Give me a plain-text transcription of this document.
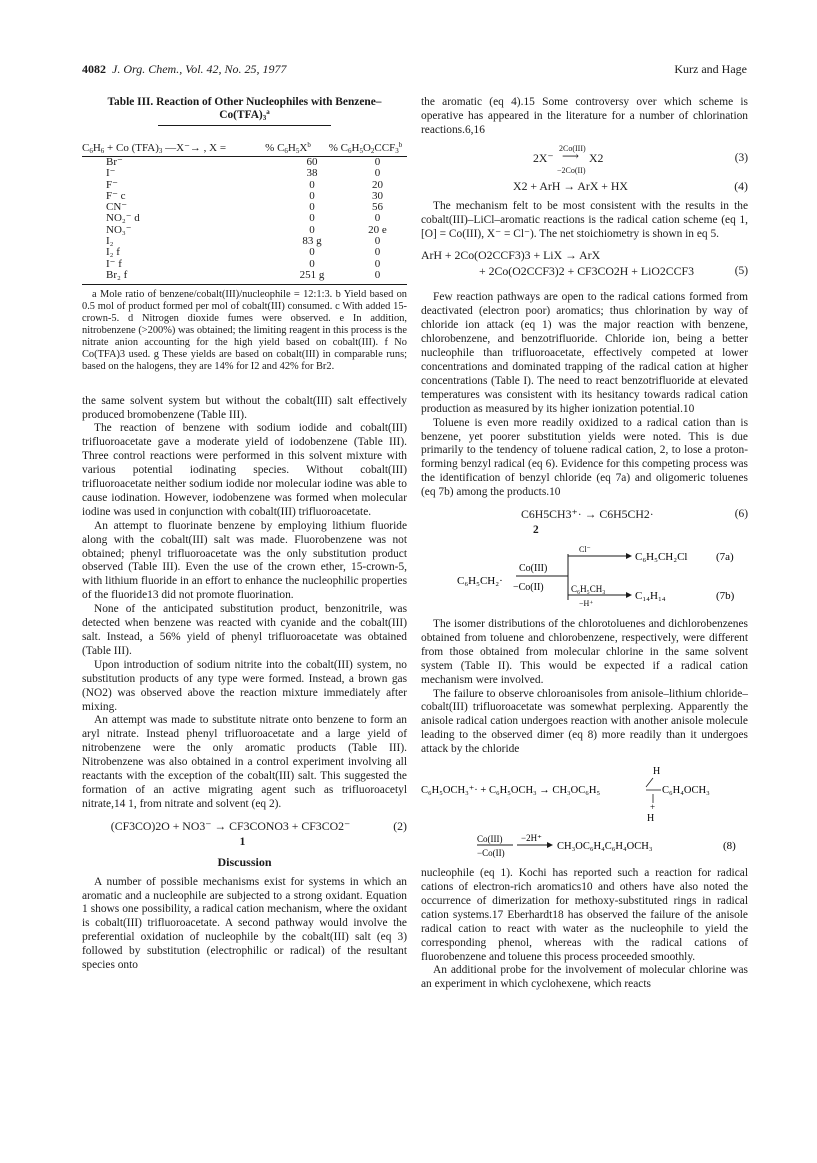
4082 J. Org. Chem., Vol. 42, No. 25, 1977	Kurz and Hage
Table III. Reaction of Other Nucleophiles with Benzene–
$Co(TFA)_3^a$
$C_6H_6 + Co$ $(TFA)_3$ —X⁻→ , X =	% $C_6H_5X^b$	% $C_6H_5O_2CCF_3^b$
Br⁻	60	0
I⁻	38	0
F⁻	0	20
F⁻ c	0	30
CN⁻	0	56
NO₂⁻ d	0	0
NO₃⁻	0	20 e
I₂	83 g	0
I₂ f	0	0
I⁻ f	0	0
Br₂ f	251 g	0

a Mole ratio of benzene/cobalt(III)/nucleophile = 12:1:3. b Yield based on 0.5 mol of product formed per mol of cobalt(III) consumed. c With added 15-crown-5. d Nitrogen dioxide fumes were observed. e In addition, nitrobenzene (>200%) was obtained; the limiting reagent in this process is the nitrate anion accounting for the high yield based on cobalt(III). f No Co(TFA)3 used. g These yields are based on cobalt(III) in comparable runs; based on the halogens, they are 14% for I2 and 42% for Br2.

the same solvent system but without the cobalt(III) salt effectively produced bromobenzene (Table III).

The reaction of benzene with sodium iodide and cobalt(III) trifluoroacetate gave a moderate yield of iodobenzene (Table III). Three control reactions were performed in this solvent mixture with various potential iodinating species. Without cobalt(III) trifluoroacetate neither sodium iodide nor molecular iodine was able to cause iodination. However, iodobenzene was formed when molecular iodine was used in conjunction with cobalt(III) trifluoroacetate.

An attempt to fluorinate benzene by employing lithium fluoride along with the cobalt(III) salt was made. Fluorobenzene was not obtained; phenyl trifluoroacetate was the only substitution product observed (Table III). Even the use of the crown ether, 15-crown-5, with lithium fluoride in an effort to enhance the nucleophilic properties of the fluoride13 did not promote fluorination.

None of the anticipated substitution product, benzonitrile, was detected when benzene was reacted with cyanide and the cobalt(III) salt. Instead, a 56% yield of phenyl trifluoroacetate was obtained (Table III).

Upon introduction of sodium nitrite into the cobalt(III) system, no substitution products of any type were formed. Instead, a brown gas (NO2) was observed above the reaction mixture immediately after mixing.

An attempt was made to substitute nitrate onto benzene to form an aryl nitrate. Instead phenyl trifluoroacetate and a large yield of nitrobenzene were the only aromatic products (Table III). Nitrobenzene was also obtained in a control experiment involving all reactants with the exception of the cobalt(III) salt. This suggested the formation of an active migrating agent such as trifluoroacetyl nitrate,14 1, from nitrate and solvent (eq 2).

(CF3CO)2O + NO3⁻ → CF3CONO3 + CF3CO2⁻	(2)
1
Discussion

A number of possible mechanisms exist for systems in which an aromatic and a nucleophile are subjected to a strong oxidant. Equation 1 shows one possibility, a radical cation mechanism, where the oxidant is cobalt(III) trifluoroacetate. A second pathway would involve the preferential oxidation of nucleophile by the cobalt(III) salt (eq 3) followed by substitution (electrophilic or radical) of the resultant species onto

the aromatic (eq 4).15 Some controversy over which scheme is operative has appeared in the literature for a number of chlorination reactions.6,16

2Co(III)
2X⁻ ⟶ X2
−2Co(II)
(3)
X2 + ArH → ArX + HX	(4)

The mechanism felt to be most consistent with the results in the cobalt(III)–LiCl–aromatic reactions is the radical cation scheme (eq 1, [O] = Co(III), X⁻ = Cl⁻). The net stoichiometry is shown in eq 5.

ArH + 2Co(O2CCF3)3 + LiX → ArX
+ 2Co(O2CCF3)2 + CF3CO2H + LiO2CCF3	(5)

Few reaction pathways are open to the radical cations formed from deactivated (electron poor) aromatics; thus chlorination by way of chloride ion attack (eq 1) was the major reaction with benzene, chlorobenzene, and benzotrifluoride. Chloride ion, being a better nucleophile than trifluoroacetate, effectively competed at lower concentrations and dominated trapping of the radical cation at higher concentrations (Table I). The need to react benzotrifluoride at elevated temperatures was consistent with its hesitancy towards radical cation production as measured by its higher ionization potential.10

Toluene is even more readily oxidized to a radical cation than is benzene, yet poorer substitution yields were noted. This is due primarily to the tendency of toluene radical cation, 2, to lose a proton-forming benzyl radical (eq 6). Evidence for this competing process was the identification of benzyl chloride (eq 7a) and oligomeric toluenes (eq 7b) among the products.10

C6H5CH3⁺· → C6H5CH2·
2
(6)
C₆H₅CH₂·
Co(III)
−Co(II)
Cl⁻
C₆H₅CH₂Cl	(7a)
C₆H₅CH₃
−H⁺
C₁₄H₁₄	(7b)

The isomer distributions of the chlorotoluenes and dichlorobenzenes obtained from toluene and chlorobenzene, respectively, were different from those obtained from molecular chlorine in the same solvent system (Table II). This would be expected if a radical cation mechanism were involved.

The failure to observe chloroanisoles from anisole–lithium chloride–cobalt(III) trifluoroacetate was somewhat perplexing. Apparently the anisole radical cation undergoes reaction with another anisole molecule leading to the observed dimer (eq 8) more readily than it undergoes attack by the chloride

H
C₆H₅OCH₃⁺· + C₆H₅OCH₃ → CH₃OC₆H₅	C₆H₄OCH₃
+
H
Co(III)
−Co(II)
−2H⁺
CH₃OC₆H₄C₆H₄OCH₃	(8)

nucleophile (eq 1). Kochi has reported such a reaction for radical cations of electron-rich aromatics10 and others have also noted the occurrence of dimerization for methoxy-substituted rings in radical cation systems.17 Eberhardt18 has observed the failure of the anisole radical cation to react with water as the nucleophile to yield the corresponding phenol, whereas with the radical cations of fluorobenzene and toluene this process proceeded smoothly.

An additional probe for the involvement of molecular chlorine was an experiment in which cyclohexene, which reacts
